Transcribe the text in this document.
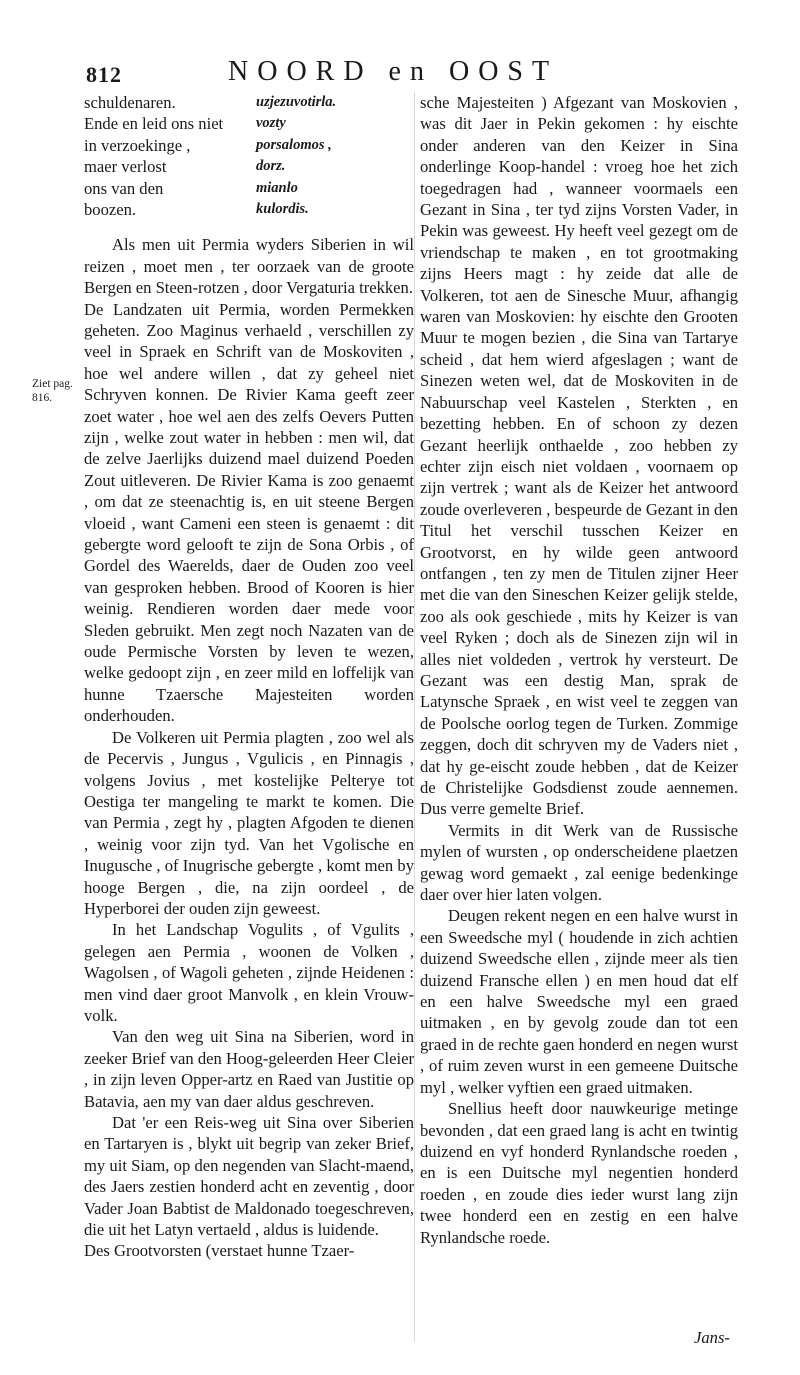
812	NOORD en OOST
schuldenaren.	uzjezuvotirla.
Ende en leid ons niet	vozty
in verzoekinge ,	porsalomos ,
maer verlost	dorz.
ons van den	mianlo
boozen.	kulordis.

Als men uit Permia wyders Siberien in wil reizen , moet men , ter oorzaek van de groote Bergen en Steen-rotzen , door Vergaturia trekken.

De Landzaten uit Permia, worden Permekken geheten. Zoo Maginus verhaeld , verschillen zy veel in Spraek en Schrift van de Moskoviten , hoe wel andere willen , dat zy geheel niet Schryven konnen. De Rivier Kama geeft zeer zoet water , hoe wel aen des zelfs Oevers Putten zijn , welke zout water in hebben : men wil, dat de zelve Jaerlijks duizend mael duizend Poeden Zout uitleveren. De Rivier Kama is zoo genaemt , om dat ze steenachtig is, en uit steene Bergen vloeid , want Cameni een steen is genaemt : dit gebergte word gelooft te zijn de Sona Orbis , of Gordel des Waerelds, daer de Ouden zoo veel van gesproken hebben. Brood of Kooren is hier weinig. Rendieren worden daer mede voor Sleden gebruikt. Men zegt noch Nazaten van de oude Permische Vorsten by leven te wezen, welke gedoopt zijn , en zeer mild en loffelijk van hunne Tzaersche Majesteiten worden onderhouden.

De Volkeren uit Permia plagten , zoo wel als de Pecervis , Jungus , Vgulicis , en Pinnagis , volgens Jovius , met kostelijke Pelterye tot Oestiga ter mangeling te markt te komen. Die van Permia , zegt hy , plagten Afgoden te dienen , weinig voor zijn tyd. Van het Vgolische en Inugusche , of Inugrische gebergte , komt men by hooge Bergen , die, na zijn oordeel , de Hyperborei der ouden zijn geweest.

In het Landschap Vogulits , of Vgulits , gelegen aen Permia , woonen de Volken , Wagolsen , of Wagoli geheten , zijnde Heidenen : men vind daer groot Manvolk , en klein Vrouw-volk.

Van den weg uit Sina na Siberien, word in zeeker Brief van den Hoog-geleerden Heer Cleier , in zijn leven Opper-artz en Raed van Justitie op Batavia, aen my van daer aldus geschreven.

Dat 'er een Reis-weg uit Sina over Siberien en Tartaryen is , blykt uit begrip van zeker Brief, my uit Siam, op den negenden van Slacht-maend, des Jaers zestien honderd acht en zeventig , door Vader Joan Babtist de Maldonado toegeschreven, die uit het Latyn vertaeld , aldus is luidende.

Des Grootvorsten (verstaet hunne Tzaer-

Ziet pag. 816.

sche Majesteiten ) Afgezant van Moskovien , was dit Jaer in Pekin gekomen : hy eischte onder anderen van den Keizer in Sina onderlinge Koop-handel : vroeg hoe het zich toegedragen had , wanneer voormaels een Gezant in Sina , ter tyd zijns Vorsten Vader, in Pekin was geweest. Hy heeft veel gezegt om de vriendschap te maken , en tot grootmaking zijns Heers magt : hy zeide dat alle de Volkeren, tot aen de Sinesche Muur, afhangig waren van Moskovien: hy eischte den Grooten Muur te mogen bezien , die Sina van Tartarye scheid , dat hem wierd afgeslagen ; want de Sinezen weten wel, dat de Moskoviten in de Nabuurschap veel Kastelen , Sterkten , en bezetting hebben. En of schoon zy dezen Gezant heerlijk onthaelde , zoo hebben zy echter zijn eisch niet voldaen , voornaem op zijn vertrek ; want als de Keizer het antwoord zoude overleveren , bespeurde de Gezant in den Titul het verschil tusschen Keizer en Grootvorst, en hy wilde geen antwoord ontfangen , ten zy men de Titulen zijner Heer met die van den Sineschen Keizer gelijk stelde, zoo als ook geschiede , mits hy Keizer is van veel Ryken ; doch als de Sinezen zijn wil in alles niet voldeden , vertrok hy versteurt. De Gezant was een destig Man, sprak de Latynsche Spraek , en wist veel te zeggen van de Poolsche oorlog tegen de Turken. Zommige zeggen, doch dit schryven my de Vaders niet , dat hy ge-eischt zoude hebben , dat de Keizer de Christelijke Godsdienst zoude aennemen. Dus verre gemelte Brief.

Vermits in dit Werk van de Russische mylen of wursten , op onderscheidene plaetzen gewag word gemaekt , zal eenige bedenkinge daer over hier laten volgen.

Deugen rekent negen en een halve wurst in een Sweedsche myl ( houdende in zich achtien duizend Sweedsche ellen , zijnde meer als tien duizend Fransche ellen ) en men houd dat elf en een halve Sweedsche myl een graed uitmaken , en by gevolg zoude dan tot een graed in de rechte gaen honderd en negen wurst , of ruim zeven wurst in een gemeene Duitsche myl , welker vyftien een graed uitmaken.

Snellius heeft door nauwkeurige metinge bevonden , dat een graed lang is acht en twintig duizend en vyf honderd Rynlandsche roeden , en is een Duitsche myl negentien honderd roeden , en zoude dies ieder wurst lang zijn twee honderd een en zestig en een halve Rynlandsche roede.

Jans-
